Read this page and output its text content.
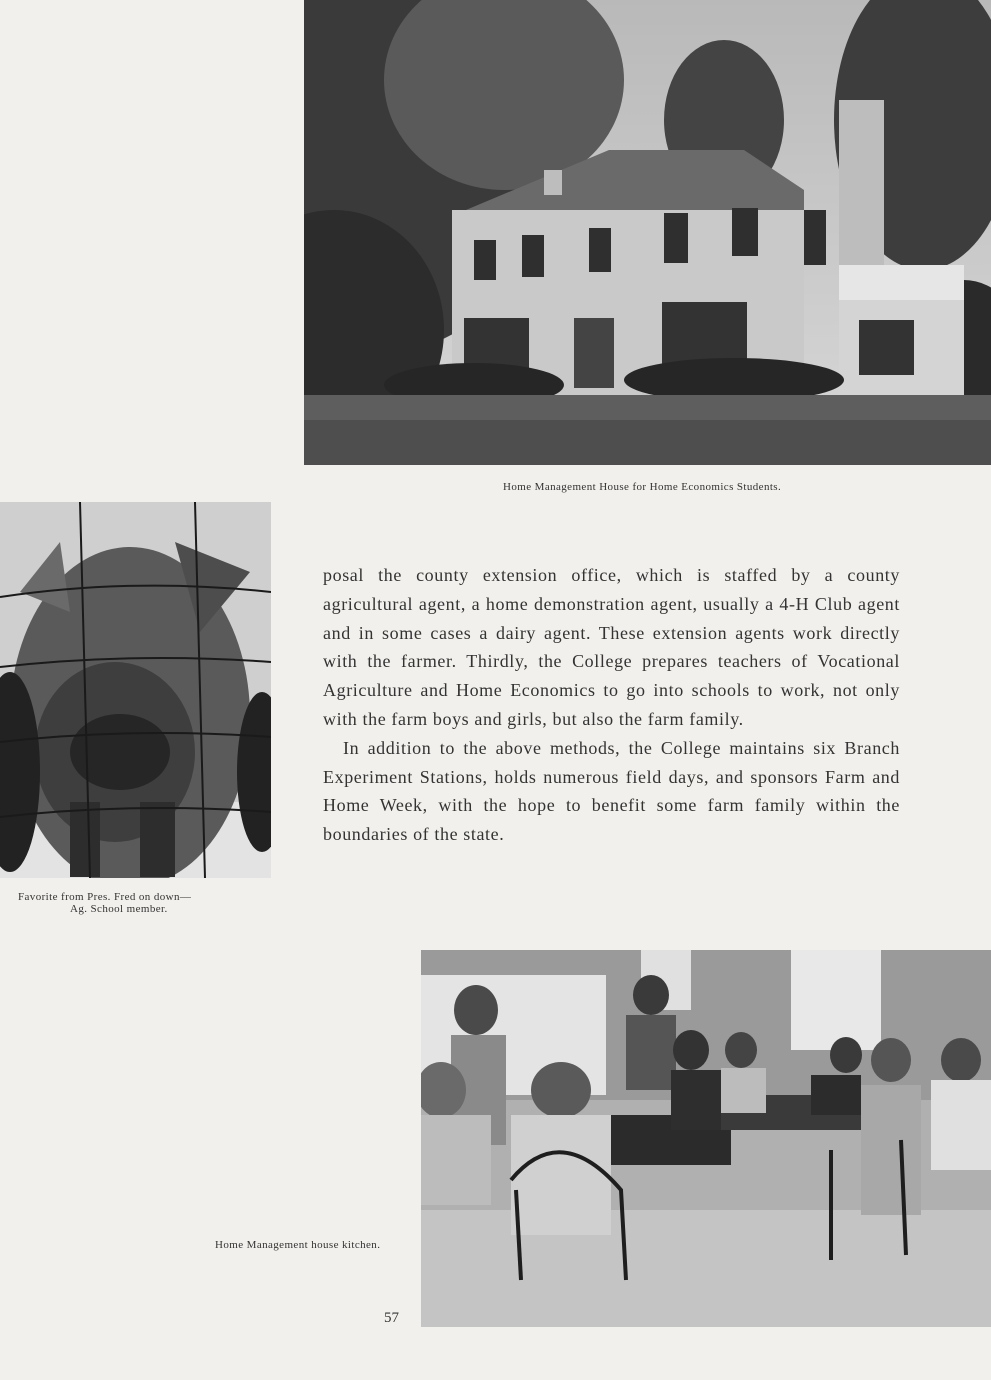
Home Management House for Home Economics Students.
Favorite from Pres. Fred on down—
Ag. School member.

posal the county extension office, which is staffed by a county agricultural agent, a home demonstration agent, usually a 4-H Club agent and in some cases a dairy agent. These extension agents work directly with the farmer. Thirdly, the College prepares teachers of Vocational Agriculture and Home Economics to go into schools to work, not only with the farm boys and girls, but also the farm family.

In addition to the above methods, the College maintains six Branch Experiment Stations, holds numerous field days, and sponsors Farm and Home Week, with the hope to benefit some farm family within the boundaries of the state.

Home Management house kitchen.
57
